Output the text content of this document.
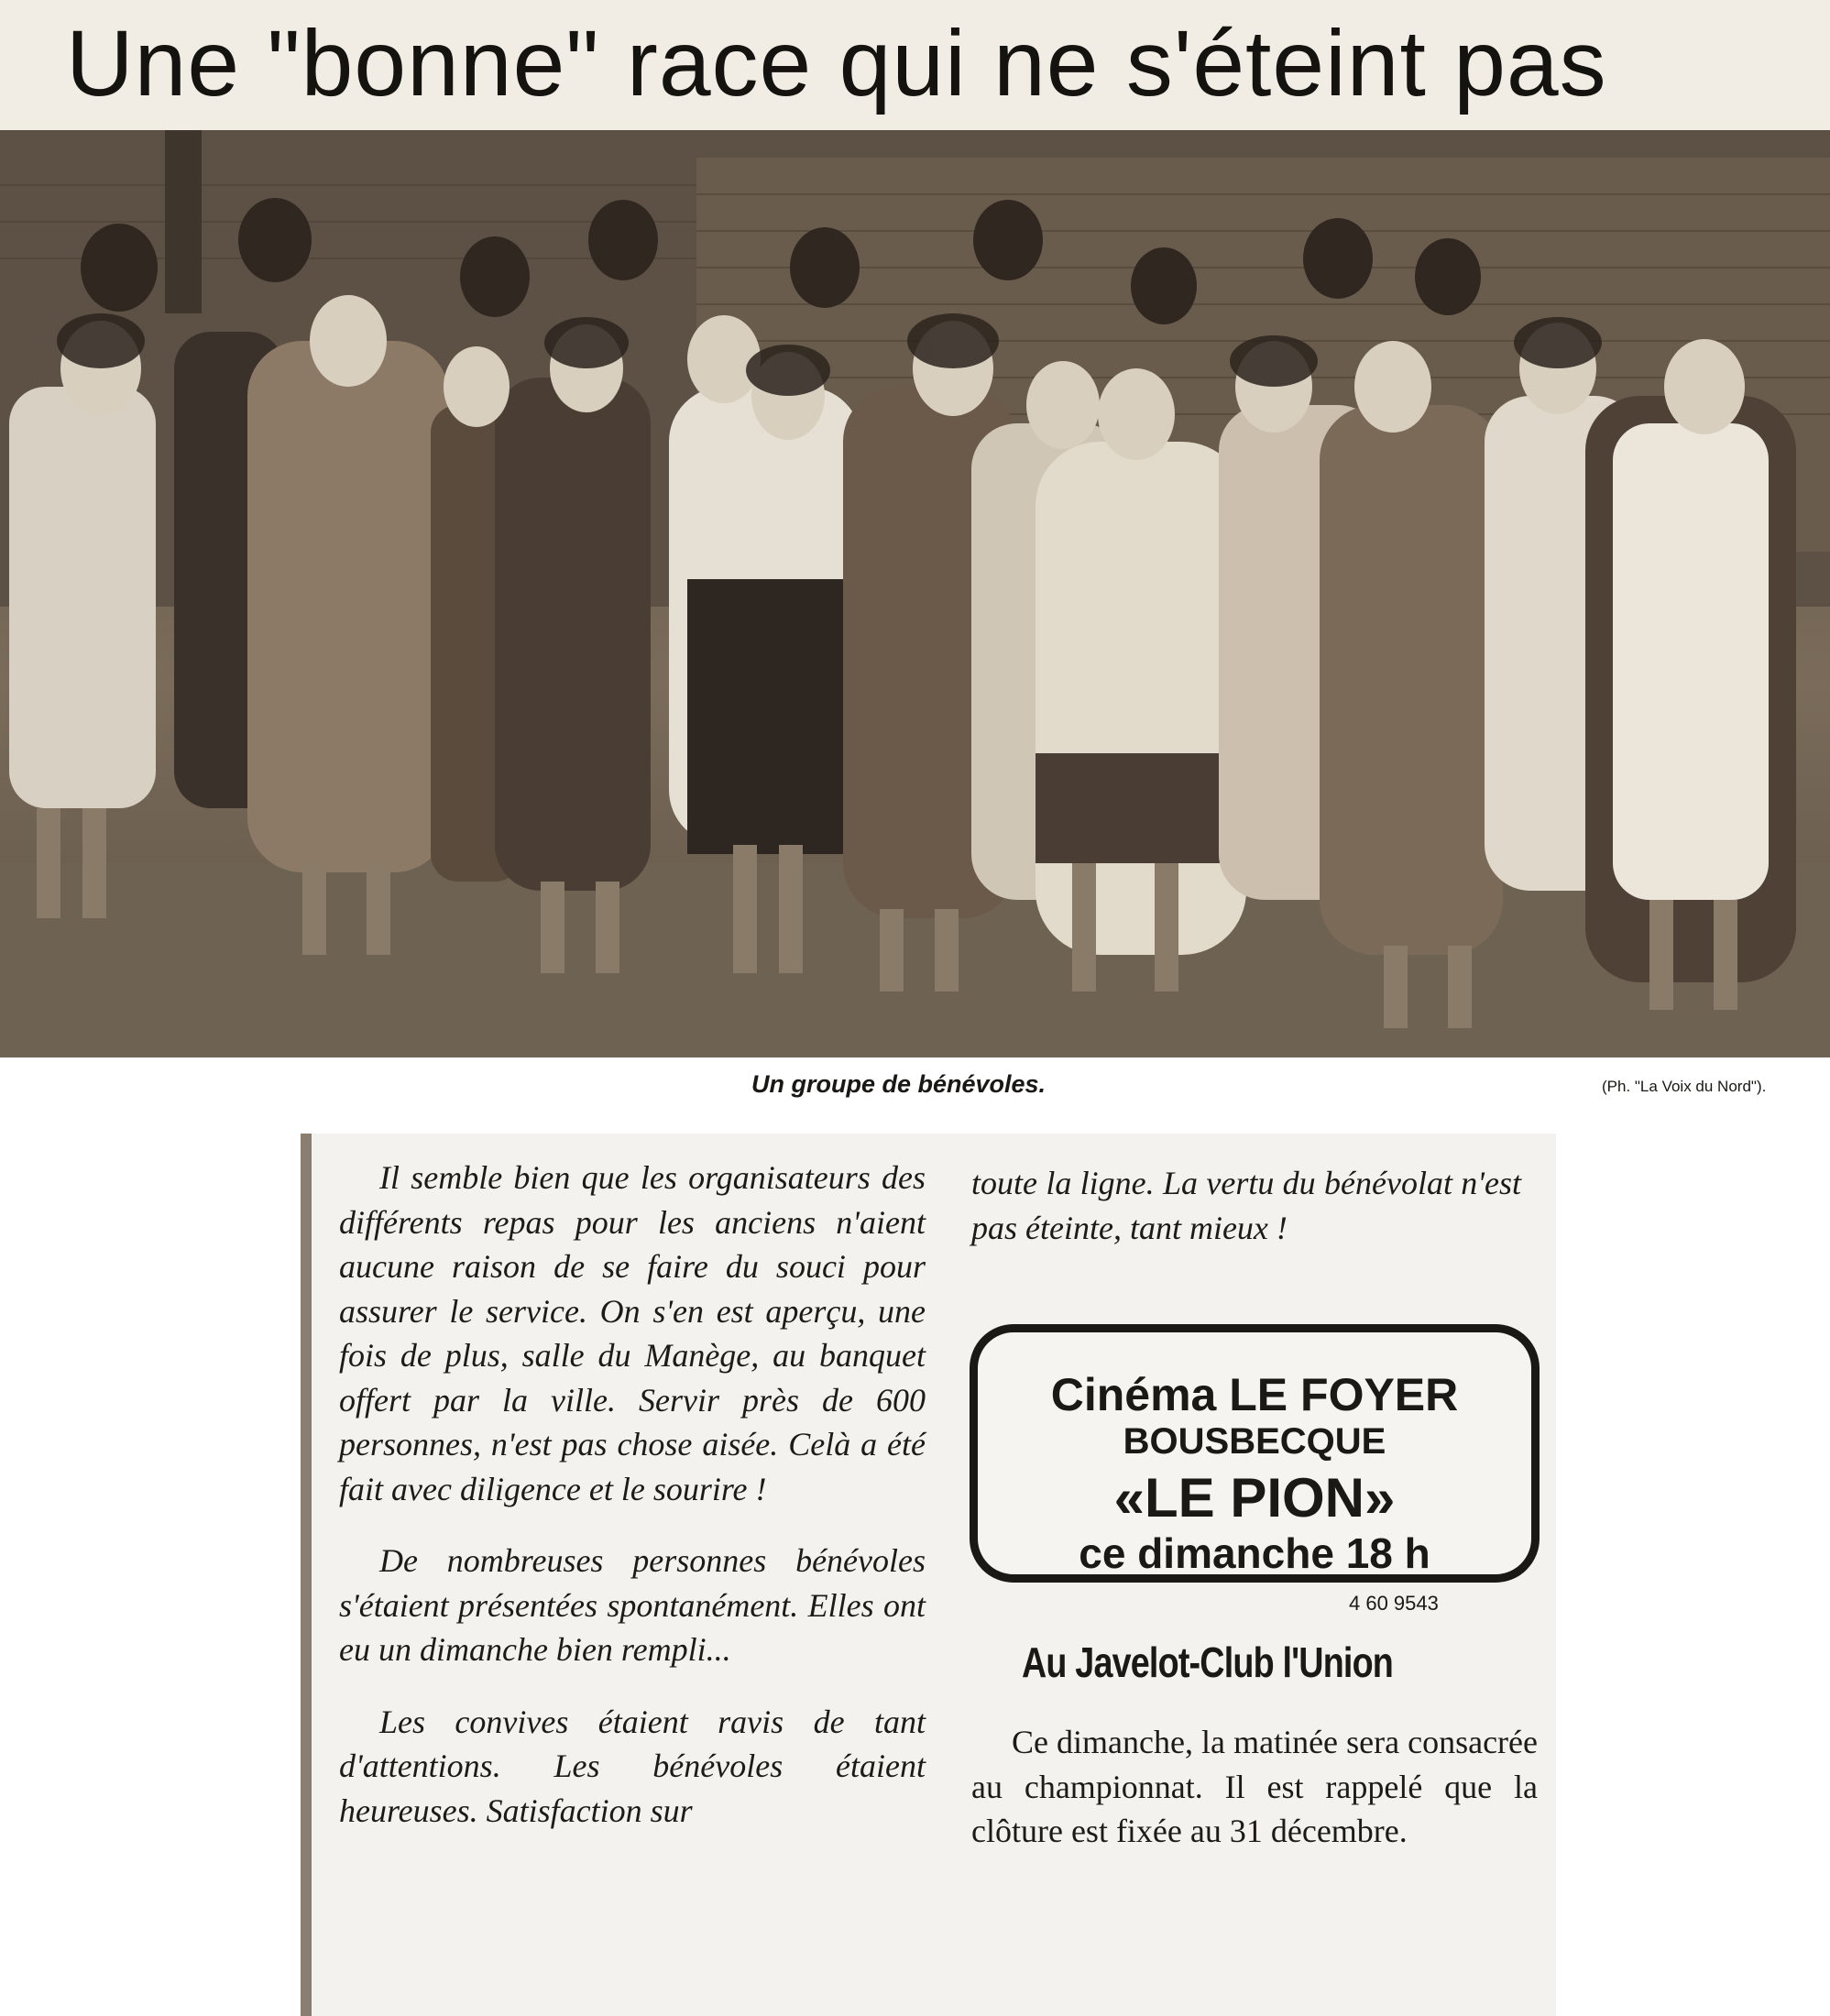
Une "bonne" race qui ne s'éteint pas
Un groupe de bénévoles.	(Ph. "La Voix du Nord").

Il semble bien que les organisateurs des différents repas pour les anciens n'aient aucune raison de se faire du souci pour assurer le service. On s'en est aperçu, une fois de plus, salle du Manège, au banquet offert par la ville. Servir près de 600 personnes, n'est pas chose aisée. Celà a été fait avec diligence et le sourire !

De nombreuses personnes bénévoles s'étaient présentées spontanément. Elles ont eu un dimanche bien rempli...

Les convives étaient ravis de tant d'attentions. Les bénévoles étaient heureuses. Satisfaction sur

toute la ligne. La vertu du bénévolat n'est pas éteinte, tant mieux !

Cinéma LE FOYER
BOUSBECQUE
«LE PION»
ce dimanche 18 h
4 60 9543
Au Javelot-Club l'Union

Ce dimanche, la matinée sera consacrée au championnat. Il est rappelé que la clôture est fixée au 31 décembre.
